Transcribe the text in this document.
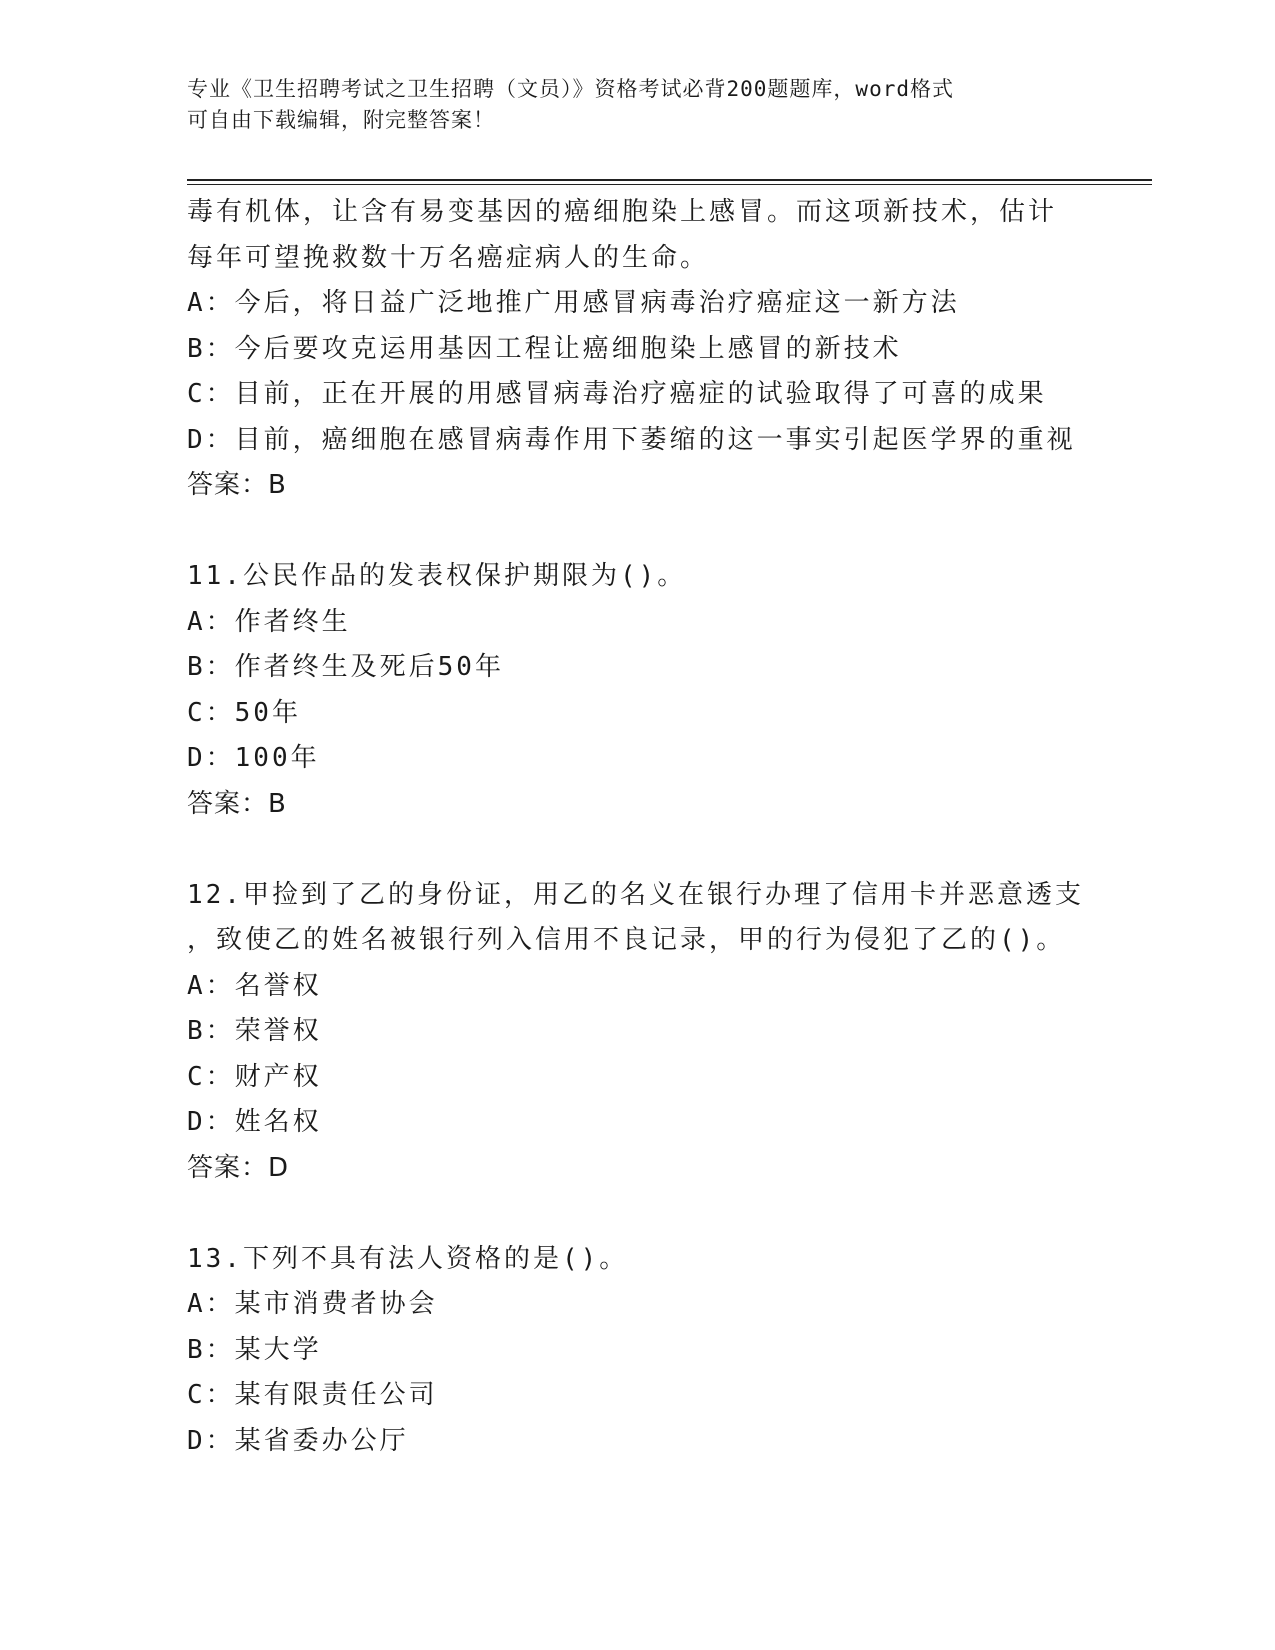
专业《卫生招聘考试之卫生招聘（文员）》资格考试必背200题题库，word格式
可自由下载编辑，附完整答案！
毒有机体，让含有易变基因的癌细胞染上感冒。而这项新技术，估计
每年可望挽救数十万名癌症病人的生命。
A：今后，将日益广泛地推广用感冒病毒治疗癌症这一新方法
B：今后要攻克运用基因工程让癌细胞染上感冒的新技术
C：目前，正在开展的用感冒病毒治疗癌症的试验取得了可喜的成果
D：目前，癌细胞在感冒病毒作用下萎缩的这一事实引起医学界的重视
答案：B
11.公民作品的发表权保护期限为()。
A：作者终生
B：作者终生及死后50年
C：50年
D：100年
答案：B
12.甲捡到了乙的身份证，用乙的名义在银行办理了信用卡并恶意透支
，致使乙的姓名被银行列入信用不良记录，甲的行为侵犯了乙的()。
A：名誉权
B：荣誉权
C：财产权
D：姓名权
答案：D
13.下列不具有法人资格的是()。
A：某市消费者协会
B：某大学
C：某有限责任公司
D：某省委办公厅
